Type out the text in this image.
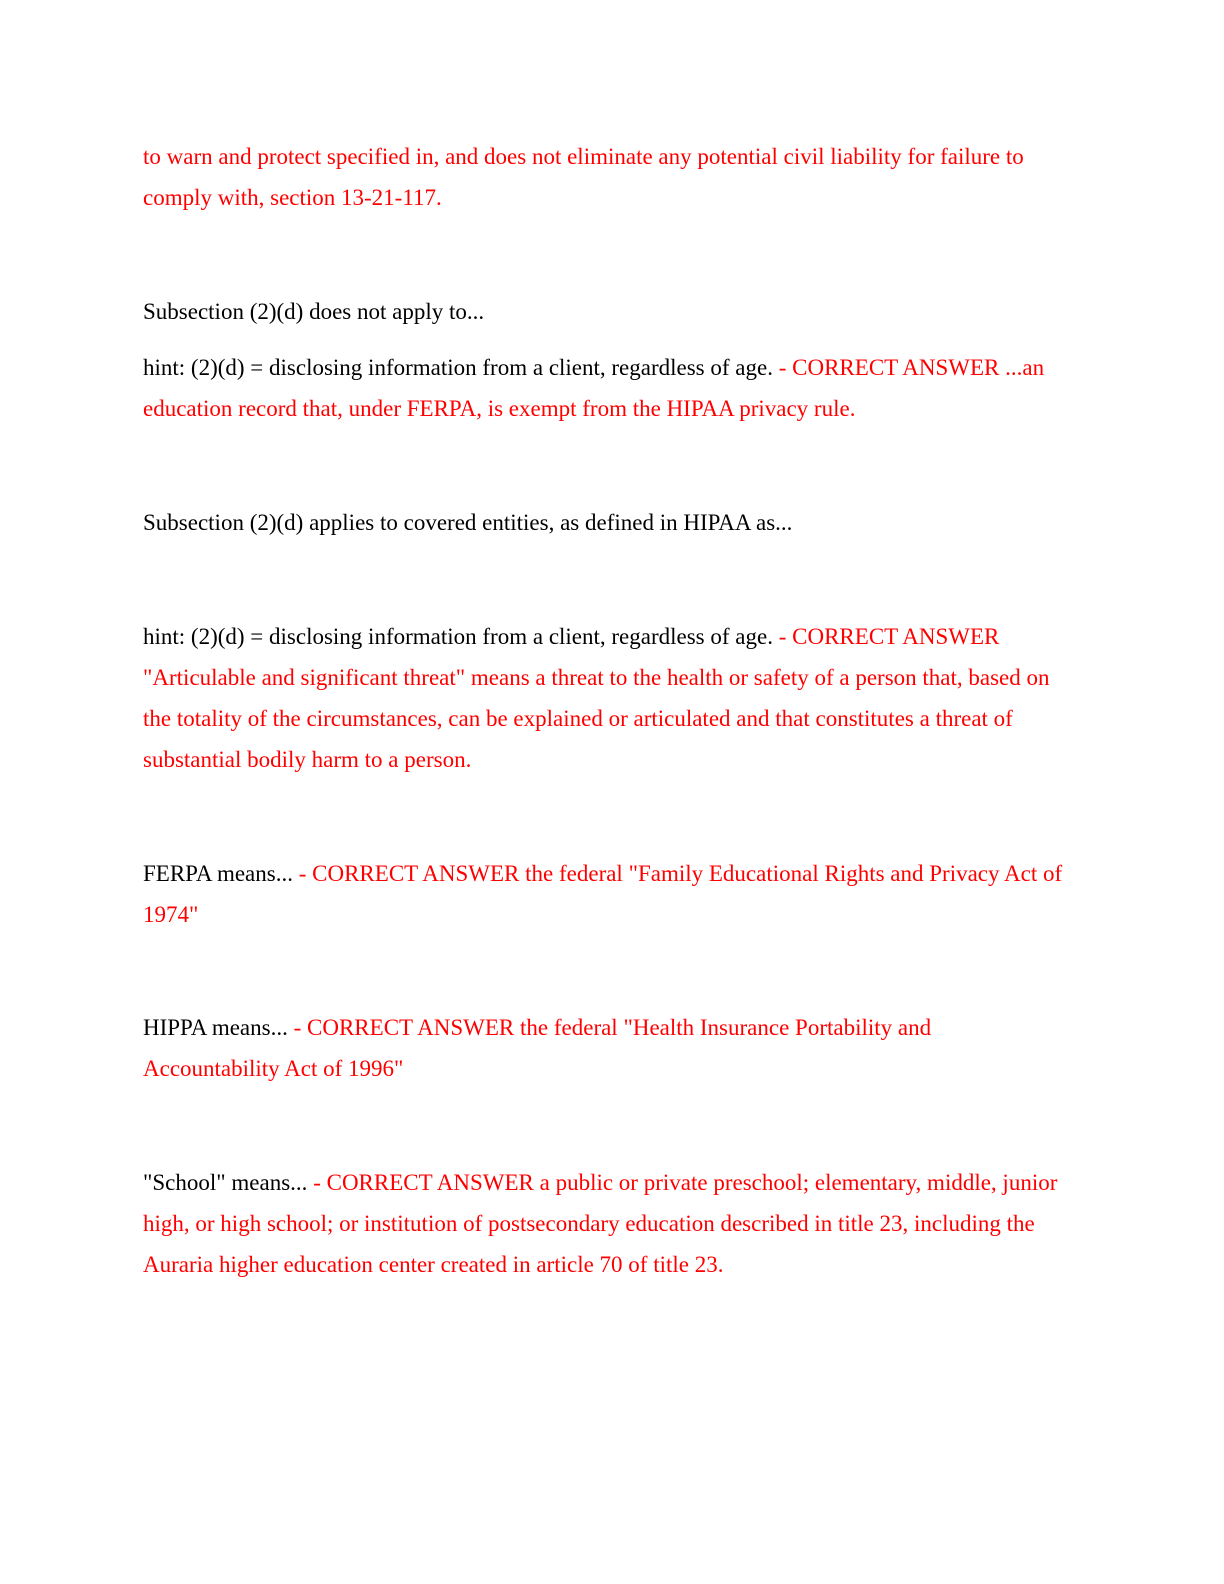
to warn and protect specified in, and does not eliminate any potential civil liability for failure to comply with, section 13-21-117.

Subsection (2)(d) does not apply to...

hint: (2)(d) = disclosing information from a client, regardless of age. - CORRECT ANSWER ...an education record that, under FERPA, is exempt from the HIPAA privacy rule.

Subsection (2)(d) applies to covered entities, as defined in HIPAA as...

hint: (2)(d) = disclosing information from a client, regardless of age. - CORRECT ANSWER "Articulable and significant threat" means a threat to the health or safety of a person that, based on the totality of the circumstances, can be explained or articulated and that constitutes a threat of substantial bodily harm to a person.

FERPA means... - CORRECT ANSWER the federal "Family Educational Rights and Privacy Act of 1974"

HIPPA means... - CORRECT ANSWER the federal "Health Insurance Portability and Accountability Act of 1996"

"School" means... - CORRECT ANSWER a public or private preschool; elementary, middle, junior high, or high school; or institution of postsecondary education described in title 23, including the Auraria higher education center created in article 70 of title 23.
